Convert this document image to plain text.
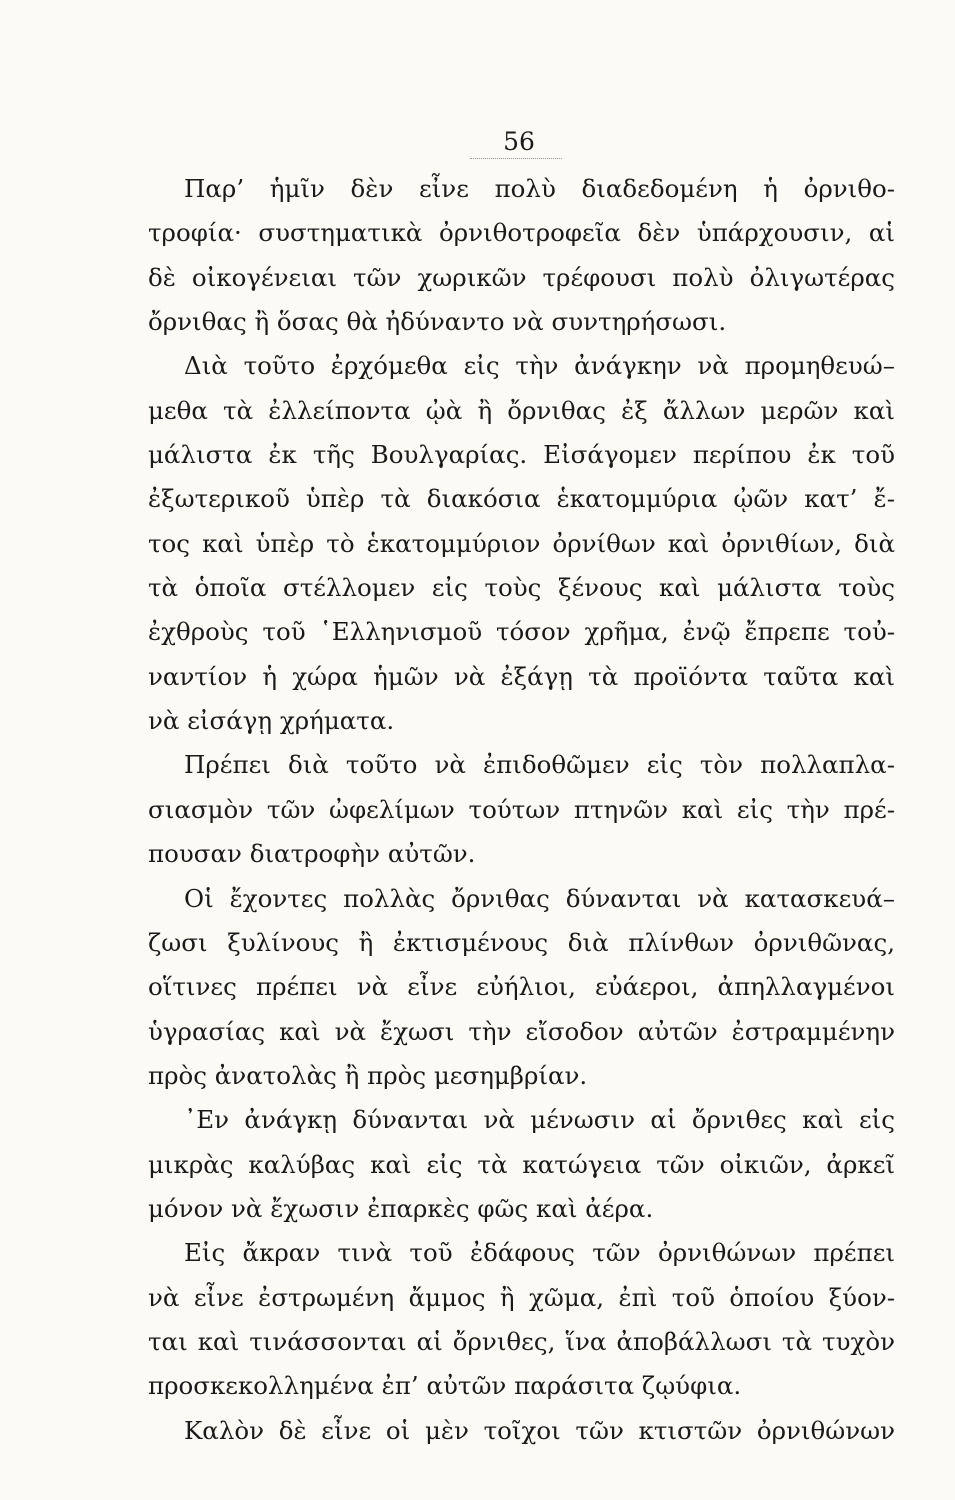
56
Παρ’ ἡμῖν δὲν εἶνε πολὺ διαδεδομένη ἡ ὀρνιθο-
τροφία· συστηματικὰ ὀρνιθοτροφεῖα δὲν ὑπάρχουσιν, αἱ
δὲ οἰκογένειαι τῶν χωρικῶν τρέφουσι πολὺ ὀλιγωτέρας
ὄρνιθας ἢ ὅσας θὰ ἠδύναντο νὰ συντηρήσωσι.
Διὰ τοῦτο ἐρχόμεθα εἰς τὴν ἀνάγκην νὰ προμηθευώ–
μεθα τὰ ἐλλείποντα ᾠὰ ἢ ὄρνιθας ἐξ ἄλλων μερῶν καὶ
μάλιστα ἐκ τῆς Βουλγαρίας. Εἰσάγομεν περίπου ἐκ τοῦ
ἐξωτερικοῦ ὑπὲρ τὰ διακόσια ἑκατομμύρια ᾠῶν κατ’ ἔ-
τος καὶ ὑπὲρ τὸ ἑκατομμύριον ὀρνίθων καὶ ὀρνιθίων, διὰ
τὰ ὁποῖα στέλλομεν εἰς τοὺς ξένους καὶ μάλιστα τοὺς
ἐχθροὺς τοῦ ῾Ελληνισμοῦ τόσον χρῆμα, ἐνῷ ἔπρεπε τοὐ-
ναντίον ἡ χώρα ἡμῶν νὰ ἐξάγῃ τὰ προϊόντα ταῦτα καὶ
νὰ εἰσάγῃ χρήματα.
Πρέπει διὰ τοῦτο νὰ ἐπιδοθῶμεν εἰς τὸν πολλαπλα-
σιασμὸν τῶν ὠφελίμων τούτων πτηνῶν καὶ εἰς τὴν πρέ-
πουσαν διατροφὴν αὐτῶν.
Οἱ ἔχοντες πολλὰς ὄρνιθας δύνανται νὰ κατασκευά–
ζωσι ξυλίνους ἢ ἐκτισμένους διὰ πλίνθων ὀρνιθῶνας,
οἵτινες πρέπει νὰ εἶνε εὐήλιοι, εὐάεροι, ἀπηλλαγμένοι
ὑγρασίας καὶ νὰ ἔχωσι τὴν εἴσοδον αὐτῶν ἐστραμμένην
πρὸς ἀνατολὰς ἢ πρὸς μεσημβρίαν.
᾿Εν ἀνάγκῃ δύνανται νὰ μένωσιν αἱ ὄρνιθες καὶ εἰς
μικρὰς καλύβας καὶ εἰς τὰ κατώγεια τῶν οἰκιῶν, ἀρκεῖ
μόνον νὰ ἔχωσιν ἐπαρκὲς φῶς καὶ ἀέρα.
Εἰς ἄκραν τινὰ τοῦ ἐδάφους τῶν ὀρνιθώνων πρέπει
νὰ εἶνε ἐστρωμένη ἄμμος ἢ χῶμα, ἐπὶ τοῦ ὁποίου ξύον-
ται καὶ τινάσσονται αἱ ὄρνιθες, ἵνα ἀποβάλλωσι τὰ τυχὸν
προσκεκολλημένα ἐπ’ αὐτῶν παράσιτα ζῳύφια.
Καλὸν δὲ εἶνε οἱ μὲν τοῖχοι τῶν κτιστῶν ὀρνιθώνων
